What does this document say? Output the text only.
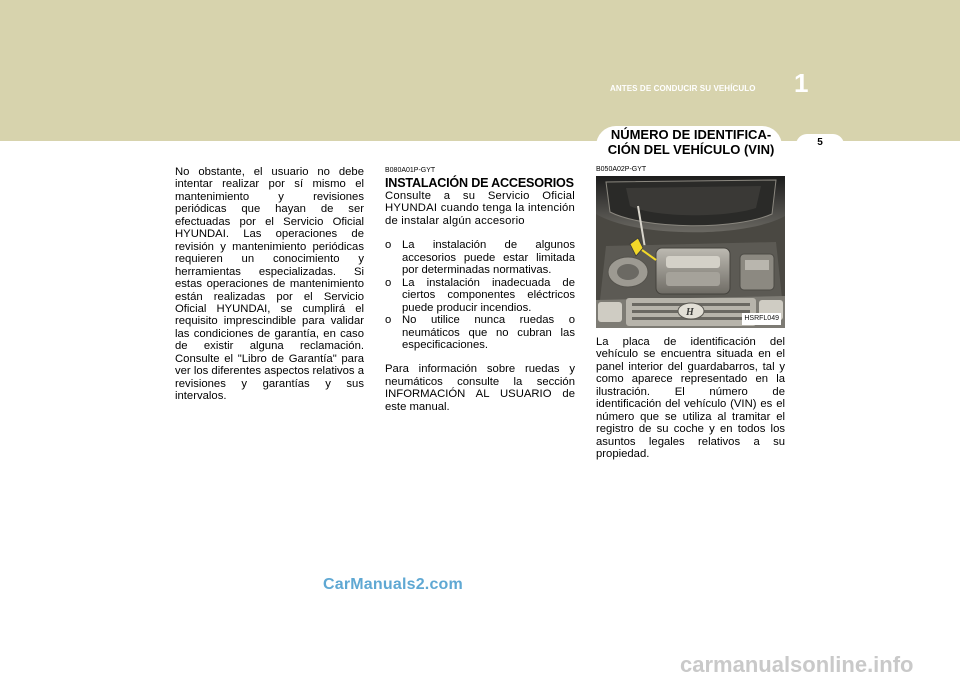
ANTES DE CONDUCIR SU VEHÍCULO 1
NÚMERO DE IDENTIFICA-
CIÓN DEL VEHÍCULO (VIN)	5

No obstante, el usuario no debe intentar realizar por sí mismo el mantenimiento y revisiones periódicas que hayan de ser efectuadas por el Servicio Oficial HYUNDAI. Las operaciones de revisión y mantenimiento periódicas requieren un conocimiento y herramientas especializadas. Si estas operaciones de mantenimiento están realizadas por el Servicio Oficial HYUNDAI, se cumplirá el requisito imprescindible para validar las condiciones de garantía, en caso de existir alguna reclamación. Consulte el "Libro de Garantía" para ver los diferentes aspectos relativos a revisiones y garantías y sus intervalos.

B080A01P-GYT
INSTALACIÓN DE ACCESORIOS

Consulte a su Servicio Oficial HYUNDAI cuando tenga la intención de instalar algún accesorio

o La instalación de algunos accesorios puede estar limitada por determinadas normativas.
o La instalación inadecuada de ciertos componentes eléctricos puede producir incendios.
o No utilice nunca ruedas o neumáticos que no cubran las especificaciones.

Para información sobre ruedas y neumáticos consulte la sección INFORMACIÓN AL USUARIO de este manual.

B050A02P-GYT
H
HSRFL049

La placa de identificación del vehículo se encuentra situada en el panel interior del guardabarros, tal y como aparece representado en la ilustración. El número de identificación del vehículo (VIN) es el número que se utiliza al tramitar el registro de su coche y en todos los asuntos legales relativos a su propiedad.

CarManuals2.com
carmanualsonline.info
